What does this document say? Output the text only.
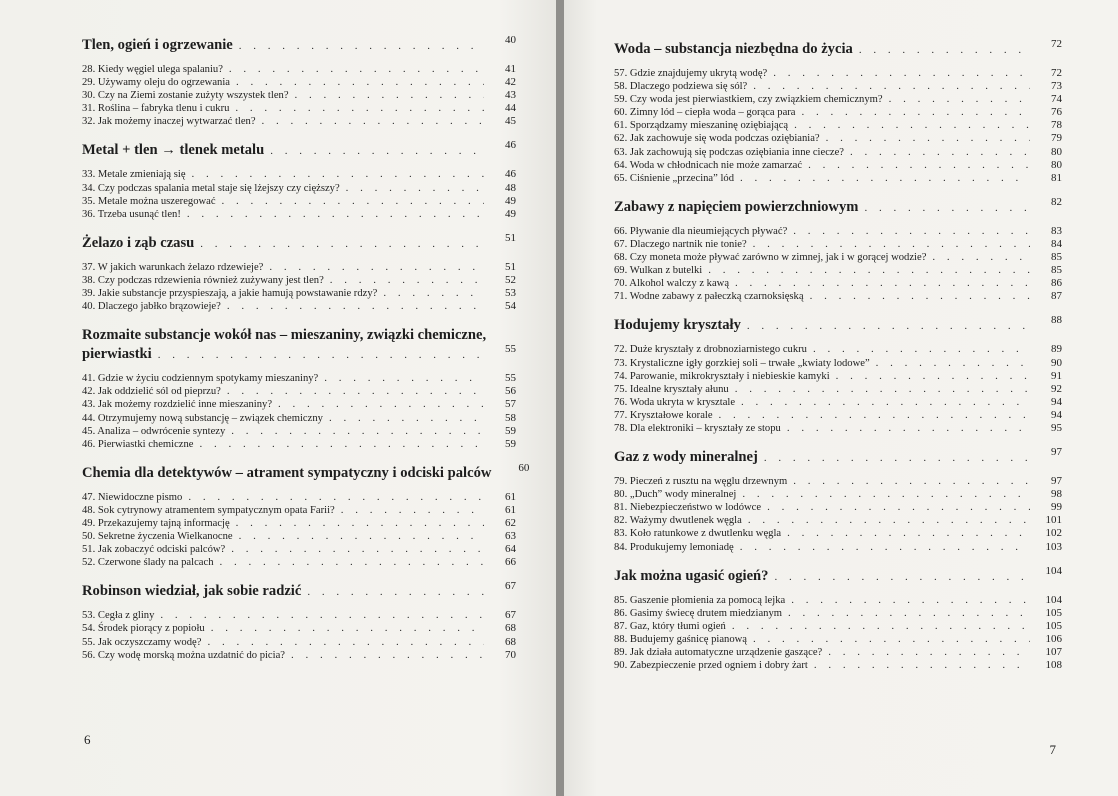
Tlen, ogień i ogrzewanie . . .	40
28. Kiedy węgiel ulega spalaniu? . . .	41
29. Używamy oleju do ogrzewania . . .	42
30. Czy na Ziemi zostanie zużyty wszystek tlen? . . .	43
31. Roślina – fabryka tlenu i cukru . . .	44
32. Jak możemy inaczej wytwarzać tlen? . . .	45
Metal + tlen → tlenek metalu . . .	46
33. Metale zmieniają się . . .	46
34. Czy podczas spalania metal staje się lżejszy czy cięższy? . . .	48
35. Metale można uszeregować . . .	49
36. Trzeba usunąć tlen! . . .	49
Żelazo i ząb czasu . . .	51
37. W jakich warunkach żelazo rdzewieje? . . .	51
38. Czy podczas rdzewienia również zużywany jest tlen? . . .	52
39. Jakie substancje przyspieszają, a jakie hamują powstawanie rdzy? . . .	53
40. Dlaczego jabłko brązowieje? . . .	54
Rozmaite substancje wokół nas – mieszaniny, związki chemiczne,
pierwiastki . . .	55
41. Gdzie w życiu codziennym spotykamy mieszaniny? . . .	55
42. Jak oddzielić sól od pieprzu? . . .	56
43. Jak możemy rozdzielić inne mieszaniny? . . .	57
44. Otrzymujemy nową substancję – związek chemiczny . . .	58
45. Analiza – odwrócenie syntezy . . .	59
46. Pierwiastki chemiczne . . .	59
Chemia dla detektywów – atrament sympatyczny i odciski palców	60
47. Niewidoczne pismo . . .	61
48. Sok cytrynowy atramentem sympatycznym opata Farii? . . .	61
49. Przekazujemy tajną informację . . .	62
50. Sekretne życzenia Wielkanocne . . .	63
51. Jak zobaczyć odciski palców? . . .	64
52. Czerwone ślady na palcach . . .	66
Robinson wiedział, jak sobie radzić . . .	67
53. Cegła z gliny . . .	67
54. Środek piorący z popiołu . . .	68
55. Jak oczyszczamy wodę? . . .	68
56. Czy wodę morską można uzdatnić do picia? . . .	70
6
Woda – substancja niezbędna do życia . . .	72
57. Gdzie znajdujemy ukrytą wodę? . . .	72
58. Dlaczego podziewa się sól? . . .	73
59. Czy woda jest pierwiastkiem, czy związkiem chemicznym? . . .	74
60. Zimny lód – ciepła woda – gorąca para . . .	76
61. Sporządzamy mieszaninę oziębiającą . . .	78
62. Jak zachowuje się woda podczas oziębiania? . . .	79
63. Jak zachowują się podczas oziębiania inne ciecze? . . .	80
64. Woda w chłodnicach nie może zamarzać . . .	80
65. Ciśnienie „przecina” lód . . .	81
Zabawy z napięciem powierzchniowym . . .	82
66. Pływanie dla nieumiejących pływać? . . .	83
67. Dlaczego nartnik nie tonie? . . .	84
68. Czy moneta może pływać zarówno w zimnej, jak i w gorącej wodzie? . . .	85
69. Wulkan z butelki . . .	85
70. Alkohol walczy z kawą . . .	86
71. Wodne zabawy z pałeczką czarnoksięską . . .	87
Hodujemy kryształy . . .	88
72. Duże kryształy z drobnoziarnistego cukru . . .	89
73. Krystaliczne igły gorzkiej soli – trwałe „kwiaty lodowe” . . .	90
74. Parowanie, mikrokryształy i niebieskie kamyki . . .	91
75. Idealne kryształy ałunu . . .	92
76. Woda ukryta w krysztale . . .	94
77. Kryształowe korale . . .	94
78. Dla elektroniki – kryształy ze stopu . . .	95
Gaz z wody mineralnej . . .	97
79. Pieczeń z rusztu na węglu drzewnym . . .	97
80. „Duch” wody mineralnej . . .	98
81. Niebezpieczeństwo w lodówce . . .	99
82. Ważymy dwutlenek węgla . . .	101
83. Koło ratunkowe z dwutlenku węgla . . .	102
84. Produkujemy lemoniadę . . .	103
Jak można ugasić ogień? . . .	104
85. Gaszenie płomienia za pomocą lejka . . .	104
86. Gasimy świecę drutem miedzianym . . .	105
87. Gaz, który tłumi ogień . . .	105
88. Budujemy gaśnicę pianową . . .	106
89. Jak działa automatyczne urządzenie gaszące? . . .	107
90. Zabezpieczenie przed ogniem i dobry żart . . .	108
7
